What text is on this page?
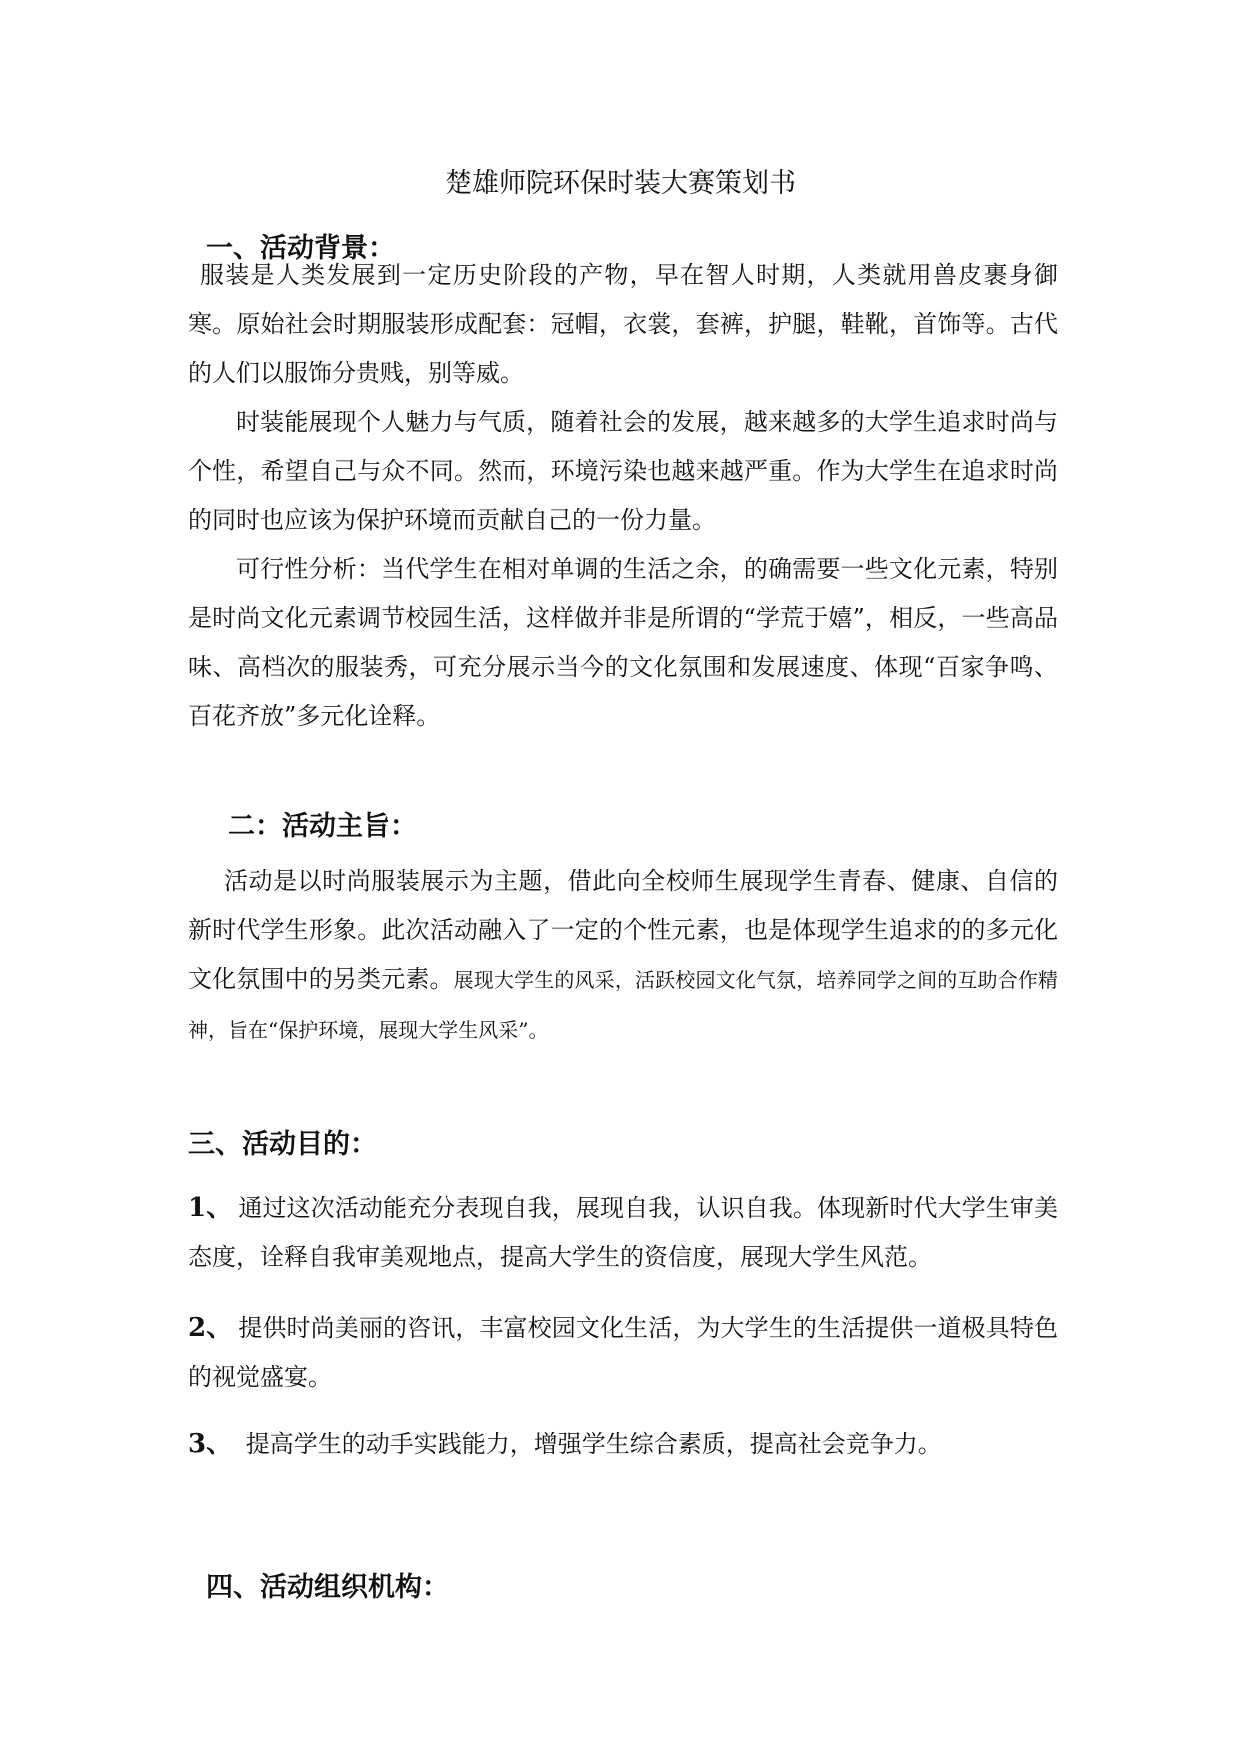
楚雄师院环保时装大赛策划书
一、活动背景：

服装是人类发展到一定历史阶段的产物，早在智人时期，人类就用兽皮裹身御寒。原始社会时期服装形成配套：冠帽，衣裳，套裤，护腿，鞋靴，首饰等。古代的人们以服饰分贵贱，别等威。

时装能展现个人魅力与气质，随着社会的发展，越来越多的大学生追求时尚与个性，希望自己与众不同。然而，环境污染也越来越严重。作为大学生在追求时尚的同时也应该为保护环境而贡献自己的一份力量。

可行性分析：当代学生在相对单调的生活之余，的确需要一些文化元素，特别是时尚文化元素调节校园生活，这样做并非是所谓的“学荒于嬉”，相反，一些高品味、高档次的服装秀，可充分展示当今的文化氛围和发展速度、体现“百家争鸣、百花齐放”多元化诠释。

二：活动主旨：

活动是以时尚服装展示为主题，借此向全校师生展现学生青春、健康、自信的新时代学生形象。此次活动融入了一定的个性元素，也是体现学生追求的的多元化文化氛围中的另类元素。展现大学生的风采，活跃校园文化气氛，培养同学之间的互助合作精神，旨在“保护环境，展现大学生风采”。

三、活动目的：

1、 通过这次活动能充分表现自我，展现自我，认识自我。体现新时代大学生审美态度，诠释自我审美观地点，提高大学生的资信度，展现大学生风范。

2、 提供时尚美丽的咨讯，丰富校园文化生活，为大学生的生活提供一道极具特色的视觉盛宴。

3、 提高学生的动手实践能力，增强学生综合素质，提高社会竞争力。

四、活动组织机构：
